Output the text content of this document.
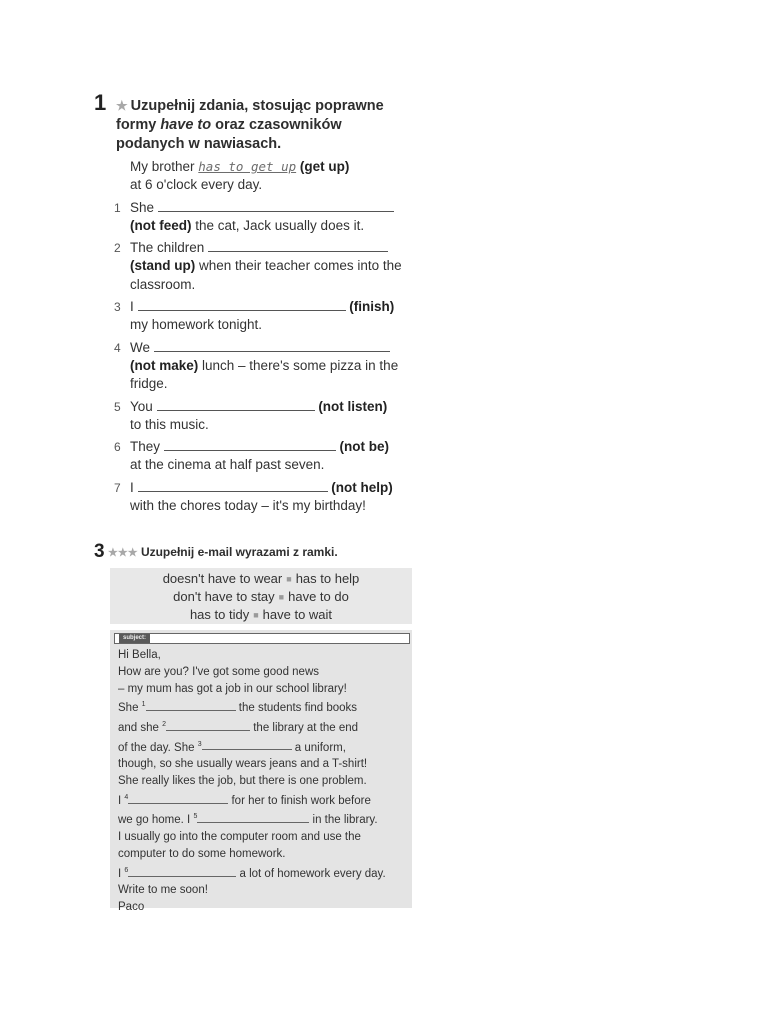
1 ★ Uzupełnij zdania, stosując poprawne formy have to oraz czasowników podanych w nawiasach.
My brother has to get up (get up)
at 6 o'clock every day.
1 She
(not feed) the cat, Jack usually does it.
2 The children
(stand up) when their teacher comes into the classroom.
3 I	(finish)
my homework tonight.
4 We
(not make) lunch – there's some pizza in the fridge.
5 You	(not listen)
to this music.
6 They	(not be)
at the cinema at half past seven.
7 I	(not help)
with the chores today – it's my birthday!
3 ★★★ Uzupełnij e-mail wyrazami z ramki.
doesn't have to wear ■ has to help
don't have to stay ■ have to do
has to tidy ■ have to wait
subject:
Hi Bella,
How are you? I've got some good news
– my mum has got a job in our school library!
She $^1$	the students find books
and she $^2$	the library at the end
of the day. She $^3$	a uniform,
though, so she usually wears jeans and a T-shirt!
She really likes the job, but there is one problem.
I $^4$	for her to finish work before
we go home. I $^5$	in the library.
I usually go into the computer room and use the
computer to do some homework.
I $^6$	a lot of homework every day.
Write to me soon!
Paco
